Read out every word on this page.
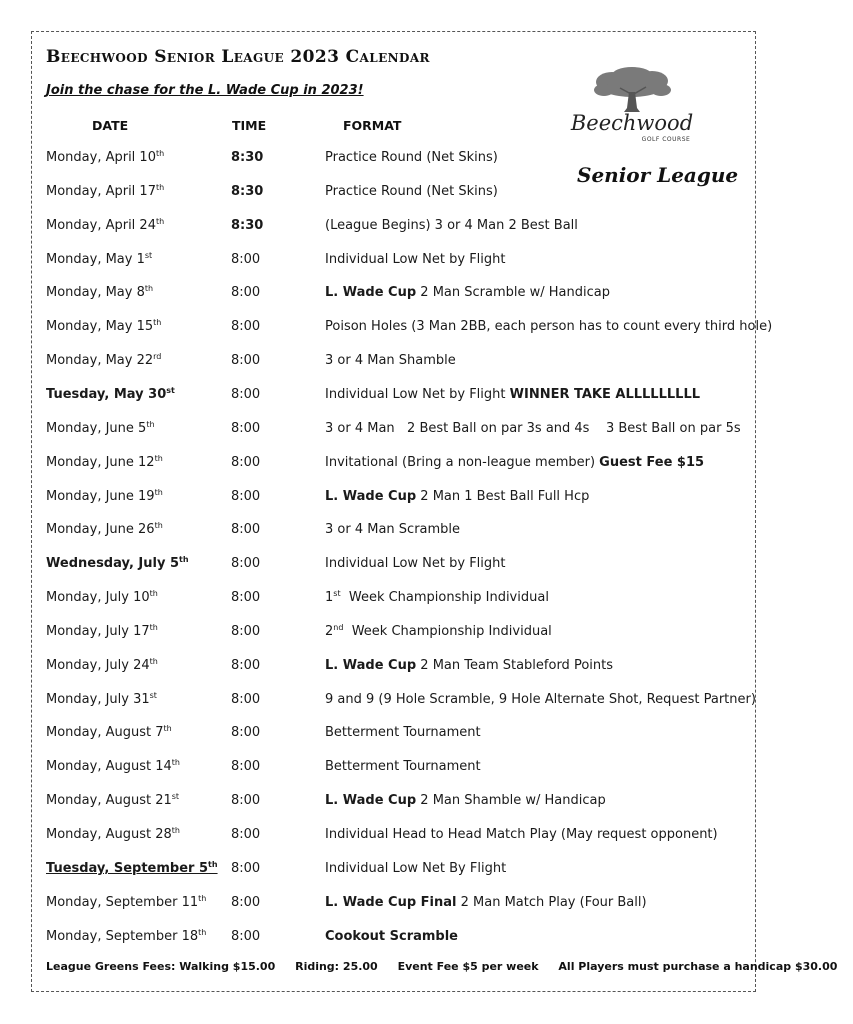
Beechwood Senior League 2023 Calendar
Join the chase for the L. Wade Cup in 2023!
DATE	TIME	FORMAT	Beechwood
GOLF COURSE
Senior League
Monday, April 10th	8:30	Practice Round (Net Skins)
Monday, April 17th	8:30	Practice Round (Net Skins)
Monday, April 24th	8:30	(League Begins) 3 or 4 Man 2 Best Ball
Monday, May 1st	8:00	Individual Low Net by Flight
Monday, May 8th	8:00	L. Wade Cup 2 Man Scramble w/ Handicap
Monday, May 15th	8:00	Poison Holes (3 Man 2BB, each person has to count every third hole)
Monday, May 22rd	8:00	3 or 4 Man Shamble
Tuesday, May 30st	8:00	Individual Low Net by Flight WINNER TAKE ALLLLLLLLL
Monday, June 5th	8:00	3 or 4 Man   2 Best Ball on par 3s and 4s    3 Best Ball on par 5s
Monday, June 12th	8:00	Invitational (Bring a non-league member) Guest Fee $15
Monday, June 19th	8:00	L. Wade Cup 2 Man 1 Best Ball Full Hcp
Monday, June 26th	8:00	3 or 4 Man Scramble
Wednesday, July 5th	8:00	Individual Low Net by Flight
Monday, July 10th	8:00	1st  Week Championship Individual
Monday, July 17th	8:00	2nd  Week Championship Individual
Monday, July 24th	8:00	L. Wade Cup 2 Man Team Stableford Points
Monday, July 31st	8:00	9 and 9 (9 Hole Scramble, 9 Hole Alternate Shot, Request Partner)
Monday, August 7th	8:00	Betterment Tournament
Monday, August 14th	8:00	Betterment Tournament
Monday, August 21st	8:00	L. Wade Cup 2 Man Shamble w/ Handicap
Monday, August 28th	8:00	Individual Head to Head Match Play (May request opponent)
Tuesday, September 5th 8:00	Individual Low Net By Flight
Monday, September 11th 8:00	L. Wade Cup Final 2 Man Match Play (Four Ball)
Monday, September 18th 8:00	Cookout Scramble
League Greens Fees: Walking $15.00 Riding: 25.00 Event Fee $5 per week All Players must purchase a handicap $30.00
